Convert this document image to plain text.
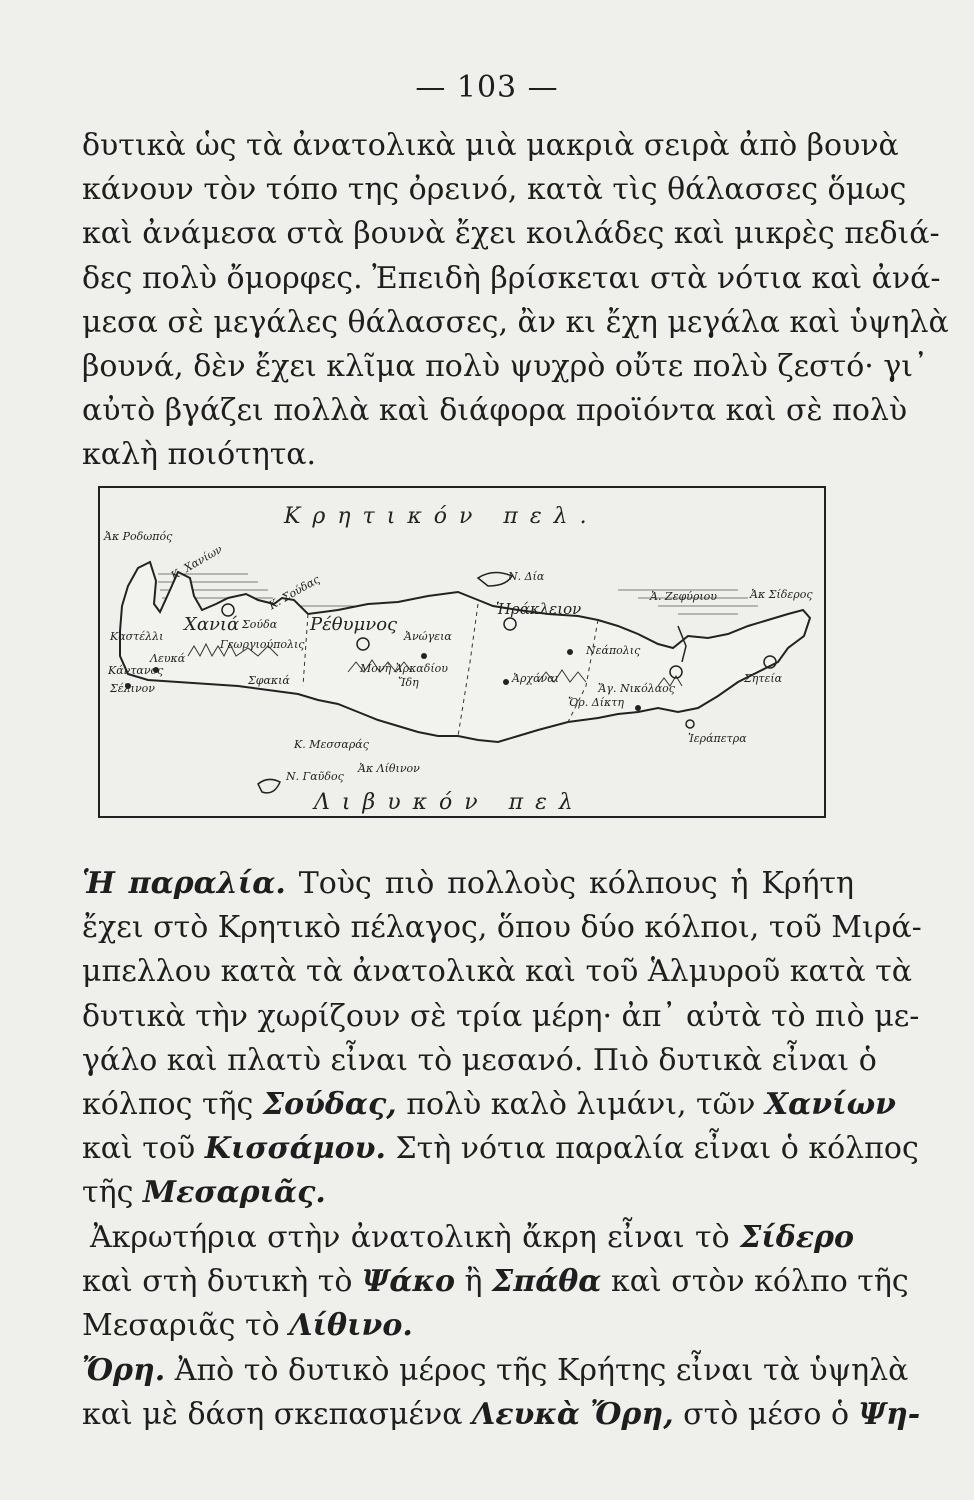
— 103 —
δυτικὰ ὡς τὰ ἀνατολικὰ μιὰ μακριὰ σειρὰ ἀπὸ βουνὰ
κάνουν τὸν τόπο της ὀρεινό, κατὰ τὶς θάλασσες ὅμως
καὶ ἀνάμεσα στὰ βουνὰ ἔχει κοιλάδες καὶ μικρὲς πεδιά-
δες πολὺ ὄμορφες. Ἐπειδὴ βρίσκεται στὰ νότια καὶ ἀνά-
μεσα σὲ μεγάλες θάλασσες, ἂν κι ἔχη μεγάλα καὶ ὑψηλὰ
βουνά, δὲν ἔχει κλῖμα πολὺ ψυχρὸ οὔτε πολὺ ζεστό· γι᾽
αὐτὸ βγάζει πολλὰ καὶ διάφορα προϊόντα καὶ σὲ πολὺ
καλὴ ποιότητα.
Κρητικόν πελ.
Λιβυκόν πελ
Ἀκ Ροδωπός
Κ. Χανίων
Κ. Σούδας
Χανιά Σούδα
Γεωργιούπολις
Ρέθυμνος
Καστέλλι
Λευκά
Κάντανος
Σέλινον
Σφακιά
Ἀνώγεια
Μονὴ Ἀρκαδίου
Ἴδη
Ν. Δία
Ἡράκλειον
Ἀρχάναι
Νεάπολις
Ἅγ. Νικόλαος
Ὄρ. Δίκτη
Ἀ. Ζεφύριου	Ἀκ Σίδερος
Σητεία
Ἰεράπετρα
Κ. Μεσσαράς
Ν. Γαῦδος
Ἀκ Λίθινον
Ἡ παραλία. Τοὺς πιὸ πολλοὺς κόλπους ἡ Κρήτη
ἔχει στὸ Κρητικὸ πέλαγος, ὅπου δύο κόλποι, τοῦ Μιρά-
μπελλου κατὰ τὰ ἀνατολικὰ καὶ τοῦ Ἁλμυροῦ κατὰ τὰ
δυτικὰ τὴν χωρίζουν σὲ τρία μέρη· ἀπ᾽ αὐτὰ τὸ πιὸ με-
γάλο καὶ πλατὺ εἶναι τὸ μεσανό. Πιὸ δυτικὰ εἶναι ὁ
κόλπος τῆς Σούδας, πολὺ καλὸ λιμάνι, τῶν Χανίων
καὶ τοῦ Κισσάμου. Στὴ νότια παραλία εἶναι ὁ κόλπος
τῆς Μεσαριᾶς.
Ἀκρωτήρια στὴν ἀνατολικὴ ἄκρη εἶναι τὸ Σίδερο
καὶ στὴ δυτικὴ τὸ Ψάκο ἢ Σπάθα καὶ στὸν κόλπο τῆς
Μεσαριᾶς τὸ Λίθινο.
Ὄρη. Ἀπὸ τὸ δυτικὸ μέρος τῆς Κρήτης εἶναι τὰ ὑψηλὰ
καὶ μὲ δάση σκεπασμένα Λευκὰ Ὄρη, στὸ μέσο ὁ Ψη-
